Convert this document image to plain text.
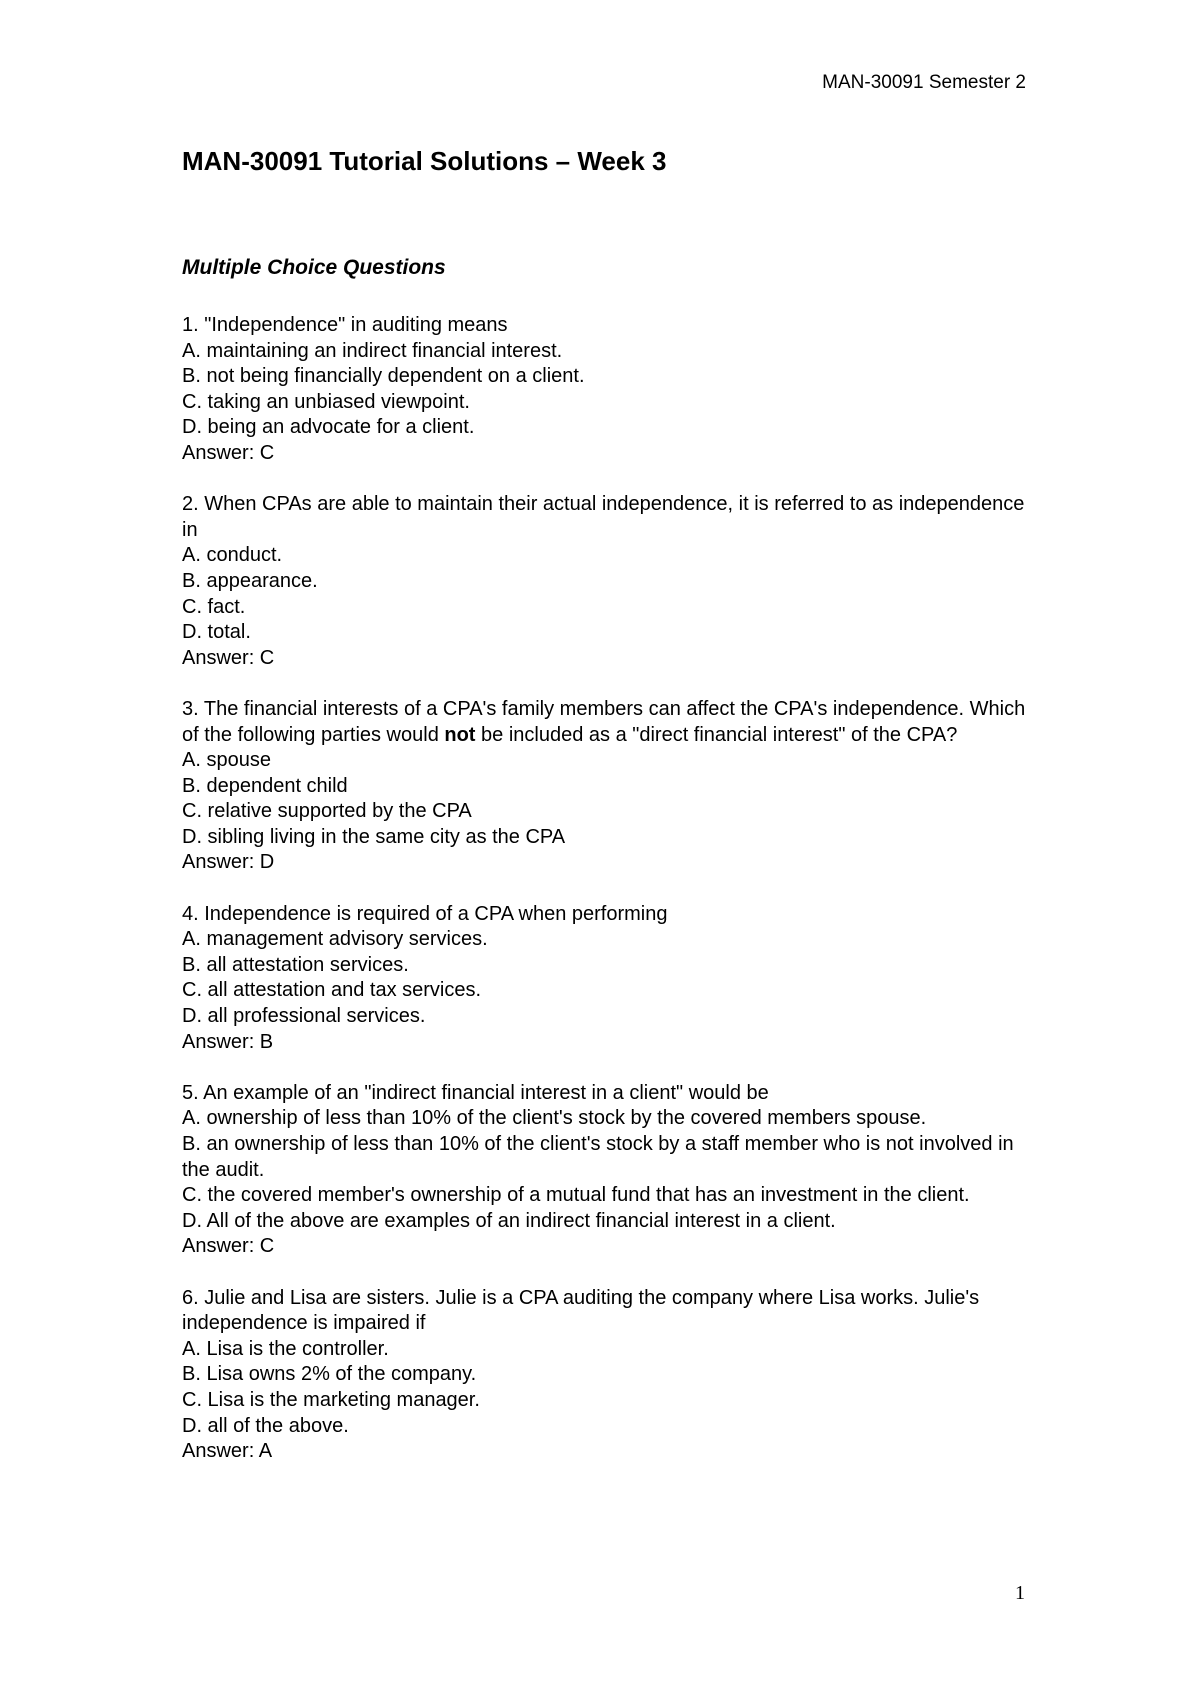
MAN-30091 Semester 2
MAN-30091 Tutorial Solutions – Week 3
Multiple Choice Questions
1. "Independence" in auditing means
A. maintaining an indirect financial interest.
B. not being financially dependent on a client.
C. taking an unbiased viewpoint.
D. being an advocate for a client.
Answer: C
2. When CPAs are able to maintain their actual independence, it is referred to as independence in
A. conduct.
B. appearance.
C. fact.
D. total.
Answer: C
3. The financial interests of a CPA's family members can affect the CPA's independence. Which of the following parties would not be included as a "direct financial interest" of the CPA?
A. spouse
B. dependent child
C. relative supported by the CPA
D. sibling living in the same city as the CPA
Answer: D
4. Independence is required of a CPA when performing
A. management advisory services.
B. all attestation services.
C. all attestation and tax services.
D. all professional services.
Answer: B
5. An example of an "indirect financial interest in a client" would be
A. ownership of less than 10% of the client's stock by the covered members spouse.
B. an ownership of less than 10% of the client's stock by a staff member who is not involved in the audit.
C. the covered member's ownership of a mutual fund that has an investment in the client.
D. All of the above are examples of an indirect financial interest in a client.
Answer: C
6. Julie and Lisa are sisters. Julie is a CPA auditing the company where Lisa works. Julie's independence is impaired if
A. Lisa is the controller.
B. Lisa owns 2% of the company.
C. Lisa is the marketing manager.
D. all of the above.
Answer: A
1
